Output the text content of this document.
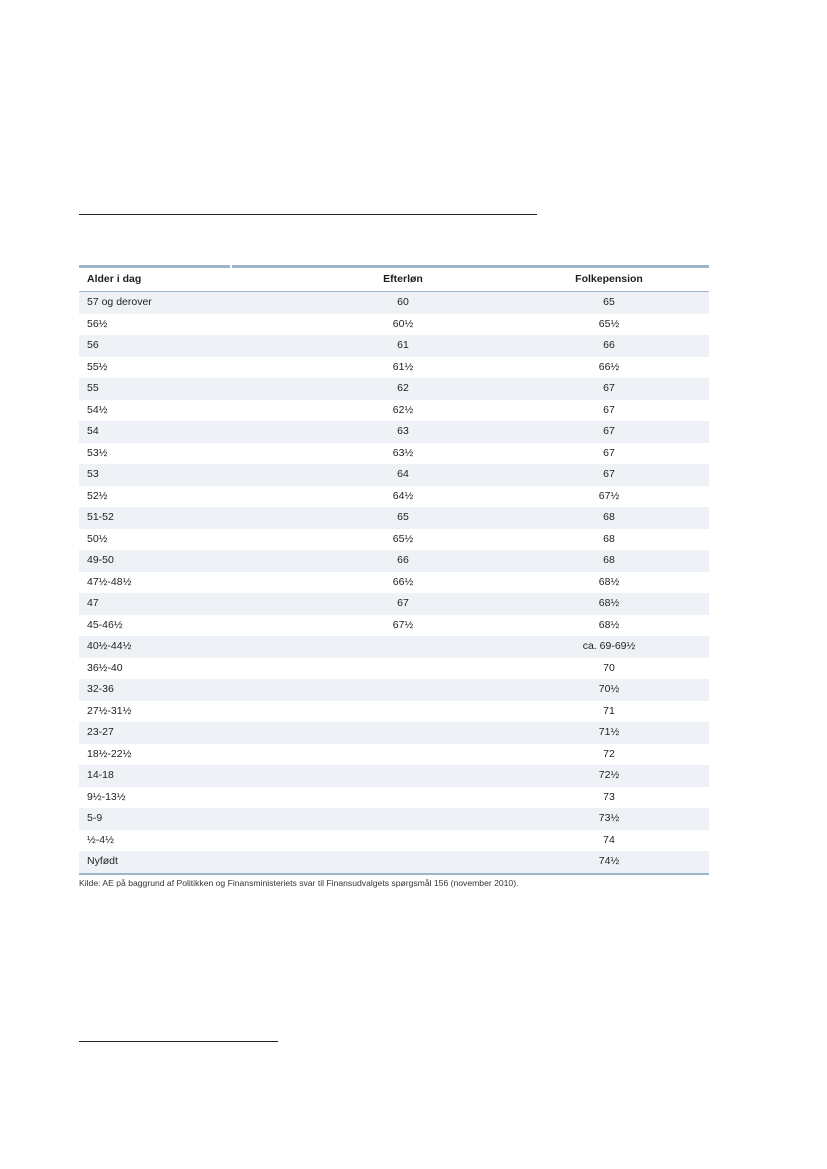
Alder i dag	Efterløn	Folkepension
57 og derover	60	65
56½	60½	65½
56	61	66
55½	61½	66½
55	62	67
54½	62½	67
54	63	67
53½	63½	67
53	64	67
52½	64½	67½
51-52	65	68
50½	65½	68
49-50	66	68
47½-48½	66½	68½
47	67	68½
45-46½	67½	68½
40½-44½		ca. 69-69½
36½-40		70
32-36		70½
27½-31½		71
23-27		71½
18½-22½		72
14-18		72½
9½-13½		73
5-9		73½
½-4½		74
Nyfødt		74½
Kilde: AE på baggrund af Politikken og Finansministeriets svar til Finansudvalgets spørgsmål 156 (november 2010).
